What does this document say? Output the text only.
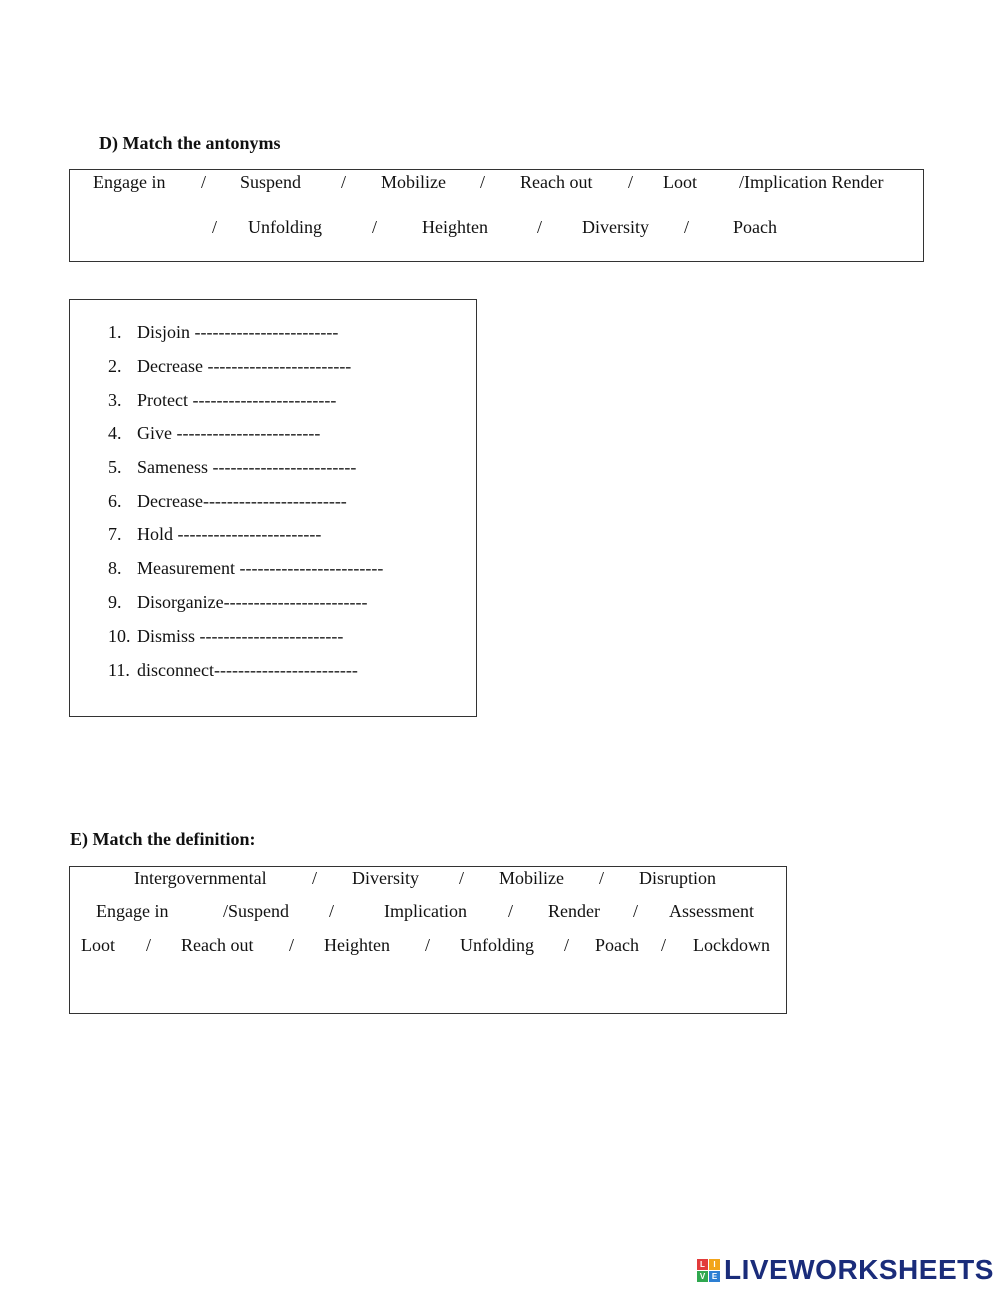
D) Match the antonyms
Engage in / Suspend / Mobilize / Reach out / Loot /Implication Render
/ Unfolding	/ Heighten	/ Diversity / Poach
1. Disjoin ------------------------
2. Decrease ------------------------
3. Protect ------------------------
4. Give ------------------------
5. Sameness ------------------------
6. Decrease------------------------
7. Hold ------------------------
8. Measurement ------------------------
9. Disorganize------------------------
10. Dismiss ------------------------
11. disconnect------------------------
E) Match the definition:
Intergovernmental	/ Diversity / Mobilize / Disruption
Engage in	/Suspend /	Implication / Render / Assessment
Loot / Reach out / Heighten / Unfolding / Poach / Lockdown
L	I
V E LIVEWORKSHEETS
